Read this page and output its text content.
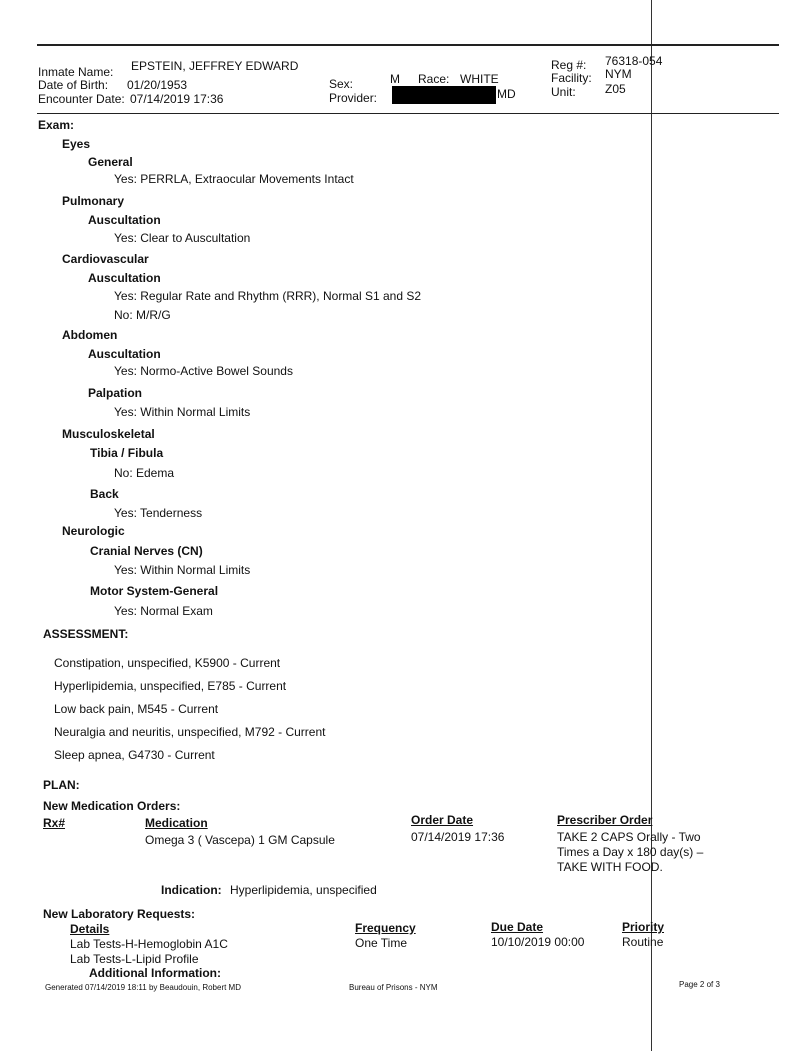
Inmate Name: EPSTEIN, JEFFREY EDWARD
Date of Birth: 01/20/1953
Encounter Date: 07/14/2019 17:36
Sex:	M Race: WHITE
Provider:	MD
Reg #: 76318-054
Facility: NYM
Unit: Z05
Exam:
Eyes
General
Yes: PERRLA, Extraocular Movements Intact
Pulmonary
Auscultation
Yes: Clear to Auscultation
Cardiovascular
Auscultation
Yes: Regular Rate and Rhythm (RRR), Normal S1 and S2
No: M/R/G
Abdomen
Auscultation
Yes: Normo-Active Bowel Sounds
Palpation
Yes: Within Normal Limits
Musculoskeletal
Tibia / Fibula
No: Edema
Back
Yes: Tenderness
Neurologic
Cranial Nerves (CN)
Yes: Within Normal Limits
Motor System-General
Yes: Normal Exam
ASSESSMENT:
Constipation, unspecified, K5900 - Current
Hyperlipidemia, unspecified, E785 - Current
Low back pain, M545 - Current
Neuralgia and neuritis, unspecified, M792 - Current
Sleep apnea, G4730 - Current
PLAN:
New Medication Orders:
Rx#	Medication	Order Date	Prescriber Order
Omega 3 ( Vascepa) 1 GM Capsule	07/14/2019 17:36	TAKE 2 CAPS Orally - Two
Times a Day x 180 day(s) –
TAKE WITH FOOD.
Indication: Hyperlipidemia, unspecified
New Laboratory Requests:
Details	Frequency	Due Date	Priority
Lab Tests-H-Hemoglobin A1C
Lab Tests-L-Lipid Profile
One Time	10/10/2019 00:00	Routine
Additional Information:
Generated 07/14/2019 18:11 by Beaudouin, Robert MD	Bureau of Prisons - NYM	Page 2 of 3
